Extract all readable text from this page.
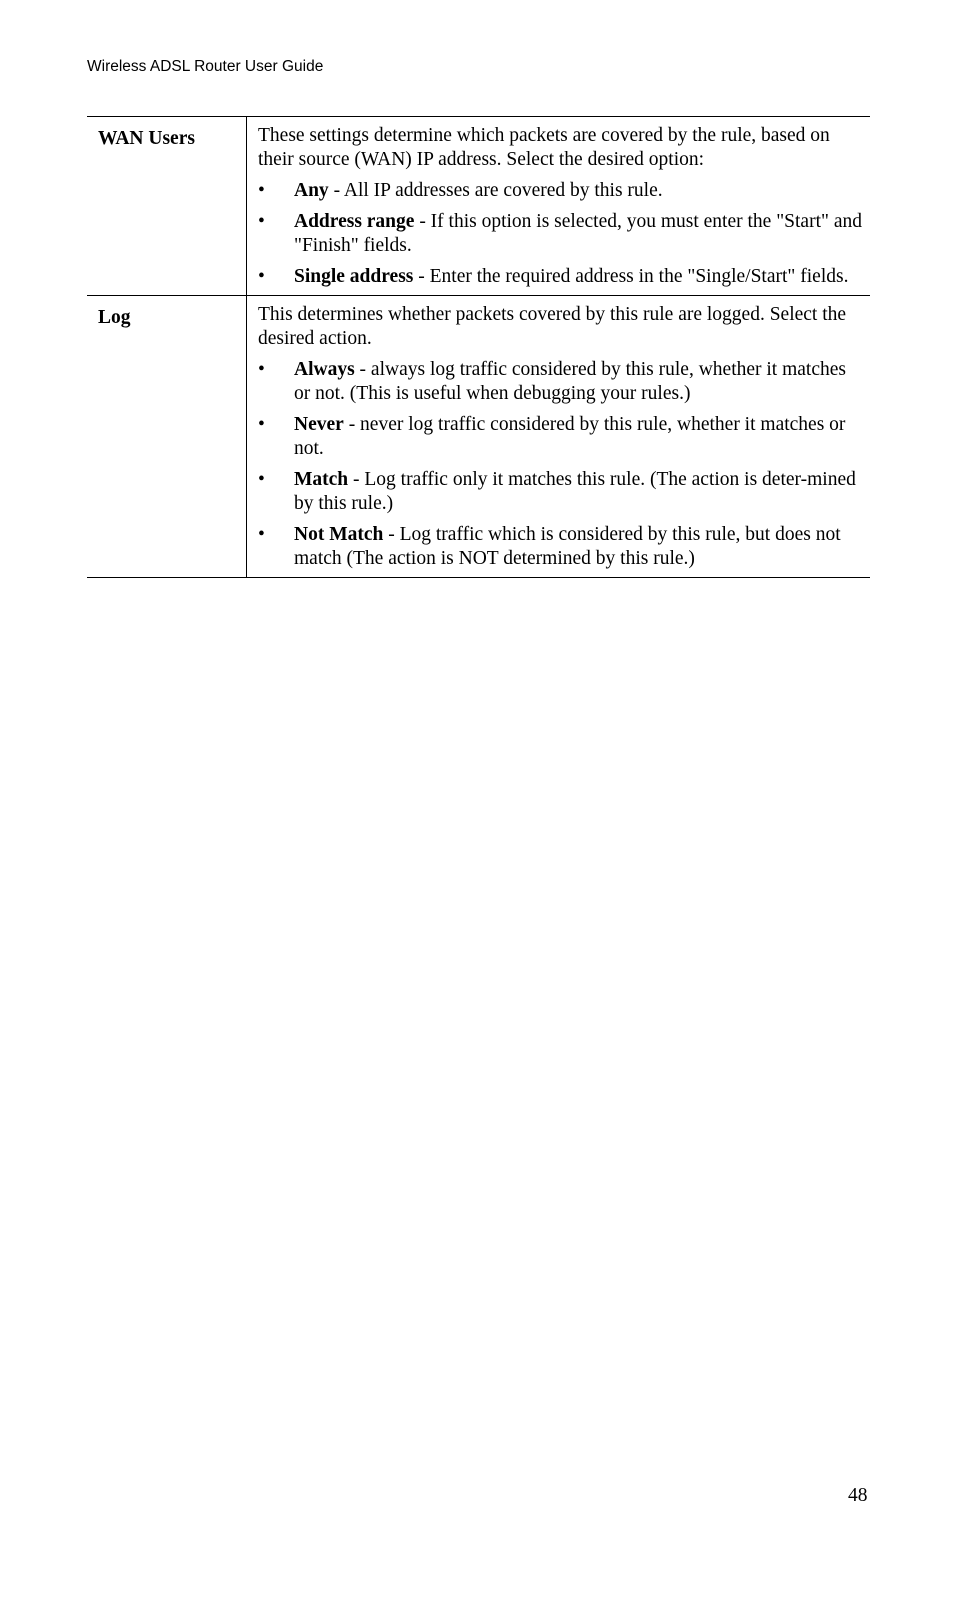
Wireless ADSL Router User Guide
WAN Users	These settings determine which packets are covered by the rule, based on their source (WAN) IP address. Select the desired option:

• Any - All IP addresses are covered by this rule.
• Address range - If this option is selected, you must enter the "Start" and "Finish" fields.
• Single address - Enter the required address in the "Single/Start" fields.
Log	This determines whether packets covered by this rule are logged. Select the desired action.

• Always - always log traffic considered by this rule, whether it matches or not. (This is useful when debugging your rules.)
• Never - never log traffic considered by this rule, whether it matches or not.
• Match - Log traffic only it matches this rule. (The action is deter-mined by this rule.)
• Not Match - Log traffic which is considered by this rule, but does not match (The action is NOT determined by this rule.)
48
